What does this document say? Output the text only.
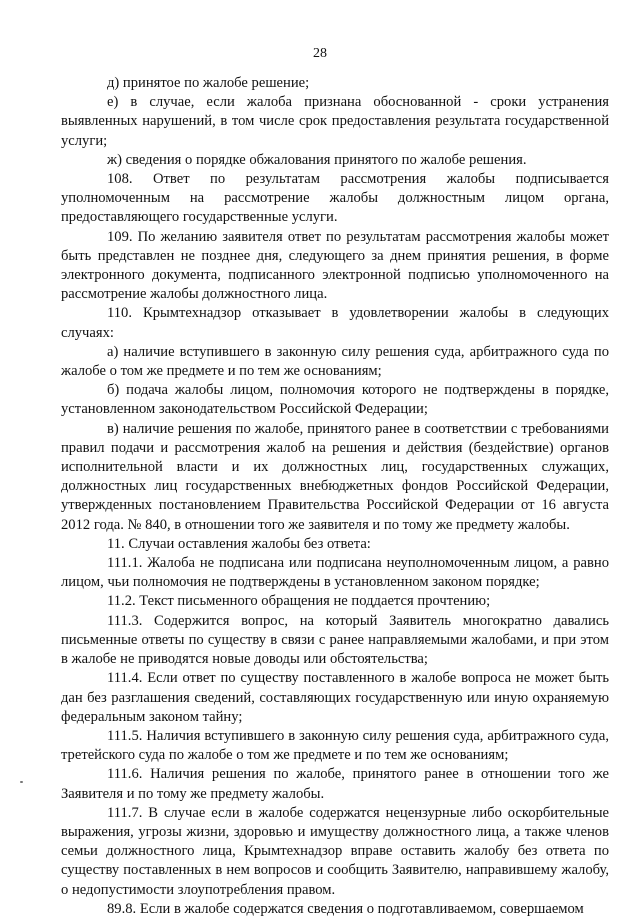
28

д) принятое по жалобе решение;

е) в случае, если жалоба признана обоснованной - сроки устранения выявленных нарушений, в том числе срок предоставления результата государственной услуги;

ж) сведения о порядке обжалования принятого по жалобе решения.

108. Ответ по результатам рассмотрения жалобы подписывается уполномоченным на рассмотрение жалобы должностным лицом органа, предоставляющего государственные услуги.

109. По желанию заявителя ответ по результатам рассмотрения жалобы может быть представлен не позднее дня, следующего за днем принятия решения, в форме электронного документа, подписанного электронной подписью уполномоченного на рассмотрение жалобы должностного лица.

110. Крымтехнадзор отказывает в удовлетворении жалобы в следующих случаях:

а) наличие вступившего в законную силу решения суда, арбитражного суда по жалобе о том же предмете и по тем же основаниям;

б) подача жалобы лицом, полномочия которого не подтверждены в порядке, установленном законодательством Российской Федерации;

в) наличие решения по жалобе, принятого ранее в соответствии с требованиями правил подачи и рассмотрения жалоб на решения и действия (бездействие) органов исполнительной власти и их должностных лиц, государственных служащих, должностных лиц государственных внебюджетных фондов Российской Федерации, утвержденных постановлением Правительства Российской Федерации от 16 августа 2012 года. № 840, в отношении того же заявителя и по тому же предмету жалобы.

11. Случаи оставления жалобы без ответа:

111.1. Жалоба не подписана или подписана неуполномоченным лицом, а равно лицом, чьи полномочия не подтверждены в установленном законом порядке;

11.2. Текст письменного обращения не поддается прочтению;

111.3. Содержится вопрос, на который Заявитель многократно давались письменные ответы по существу в связи с ранее направляемыми жалобами, и при этом в жалобе не приводятся новые доводы или обстоятельства;

111.4. Если ответ по существу поставленного в жалобе вопроса не может быть дан без разглашения сведений, составляющих государственную или иную охраняемую федеральным законом тайну;

111.5. Наличия вступившего в законную силу решения суда, арбитражного суда, третейского суда по жалобе о том же предмете и по тем же основаниям;

111.6. Наличия решения по жалобе, принятого ранее в отношении того же Заявителя и по тому же предмету жалобы.

111.7. В случае если в жалобе содержатся нецензурные либо оскорбительные выражения, угрозы жизни, здоровью и имуществу должностного лица, а также членов семьи должностного лица, Крымтехнадзор вправе оставить жалобу без ответа по существу поставленных в нем вопросов и сообщить Заявителю, направившему жалобу, о недопустимости злоупотребления правом.

89.8. Если в жалобе содержатся сведения о подготавливаемом, совершаемом
